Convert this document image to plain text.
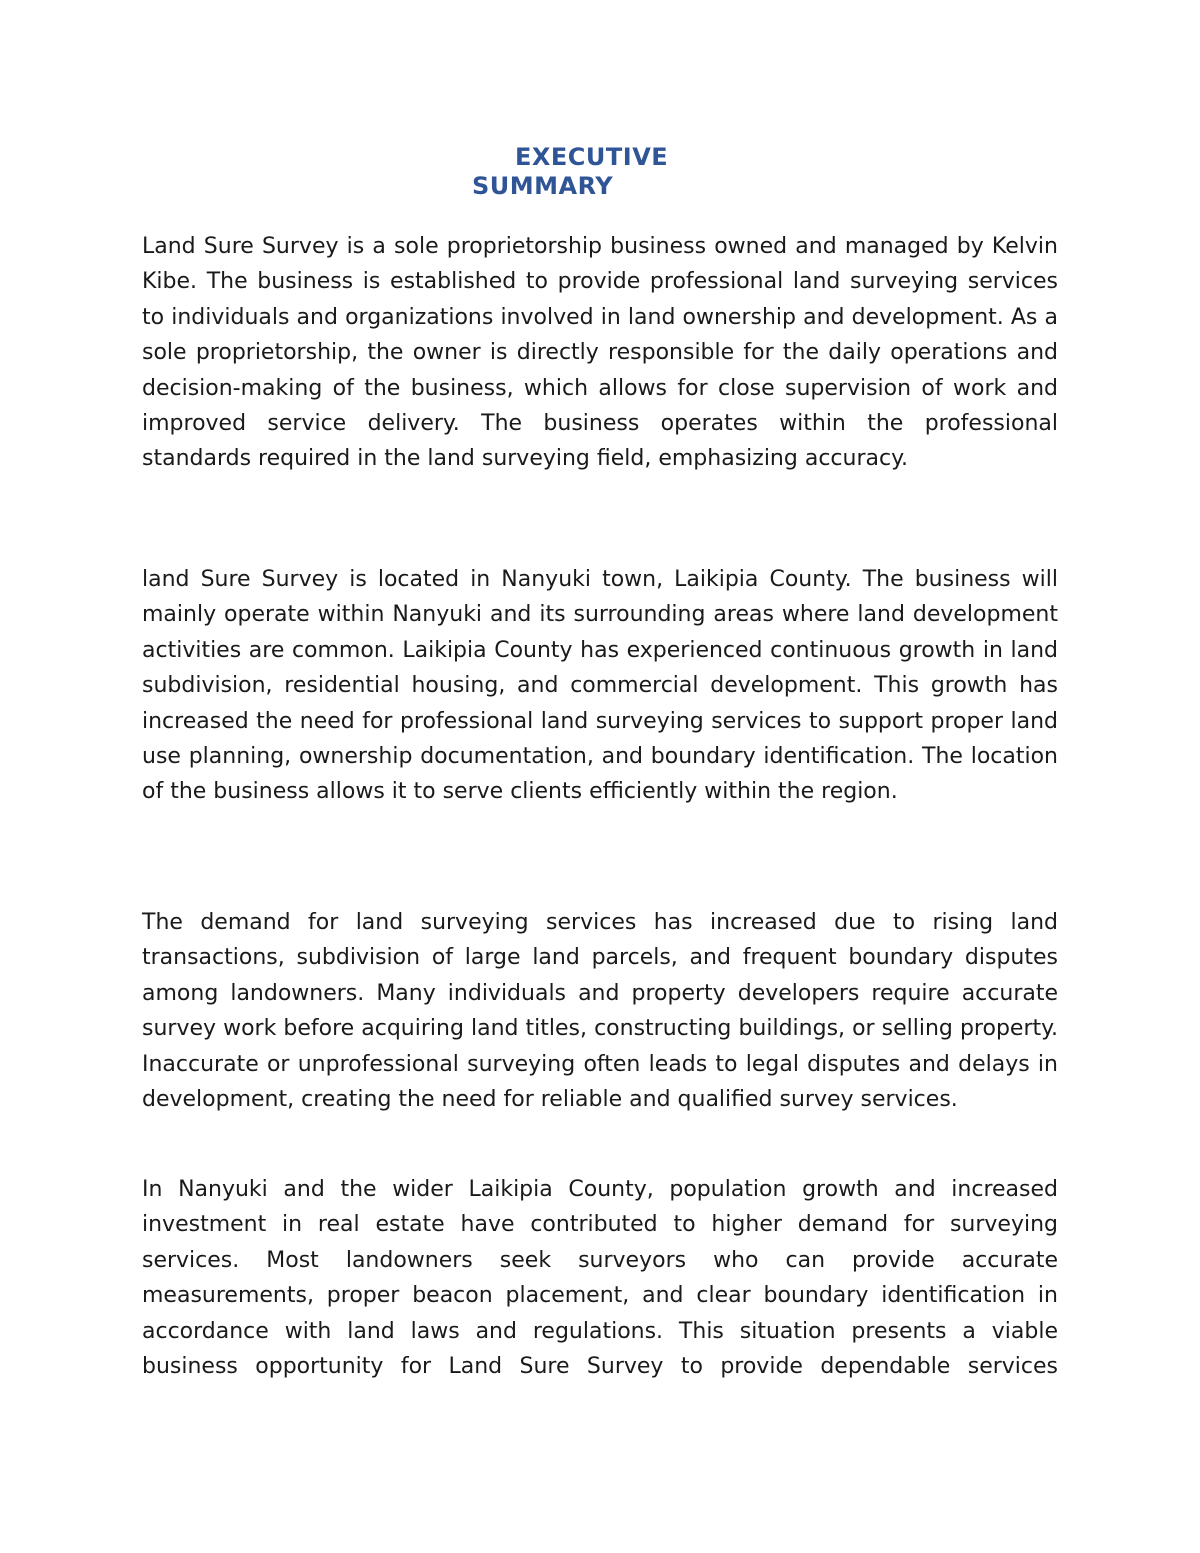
EXECUTIVE
SUMMARY

Land Sure Survey is a sole proprietorship business owned and managed by Kelvin Kibe. The business is established to provide professional land surveying services to individuals and organizations involved in land ownership and development. As a sole proprietorship, the owner is directly responsible for the daily operations and decision-making of the business, which allows for close supervision of work and improved service delivery. The business operates within the professional standards required in the land surveying field, emphasizing accuracy.

land Sure Survey is located in Nanyuki town, Laikipia County. The business will mainly operate within Nanyuki and its surrounding areas where land development activities are common. Laikipia County has experienced continuous growth in land subdivision, residential housing, and commercial development. This growth has increased the need for professional land surveying services to support proper land use planning, ownership documentation, and boundary identification. The location of the business allows it to serve clients efficiently within the region.

The demand for land surveying services has increased due to rising land transactions, subdivision of large land parcels, and frequent boundary disputes among landowners. Many individuals and property developers require accurate survey work before acquiring land titles, constructing buildings, or selling property. Inaccurate or unprofessional surveying often leads to legal disputes and delays in development, creating the need for reliable and qualified survey services.

In Nanyuki and the wider Laikipia County, population growth and increased investment in real estate have contributed to higher demand for surveying services. Most landowners seek surveyors who can provide accurate measurements, proper beacon placement, and clear boundary identification in accordance with land laws and regulations. This situation presents a viable business opportunity for Land Sure Survey to provide dependable services
